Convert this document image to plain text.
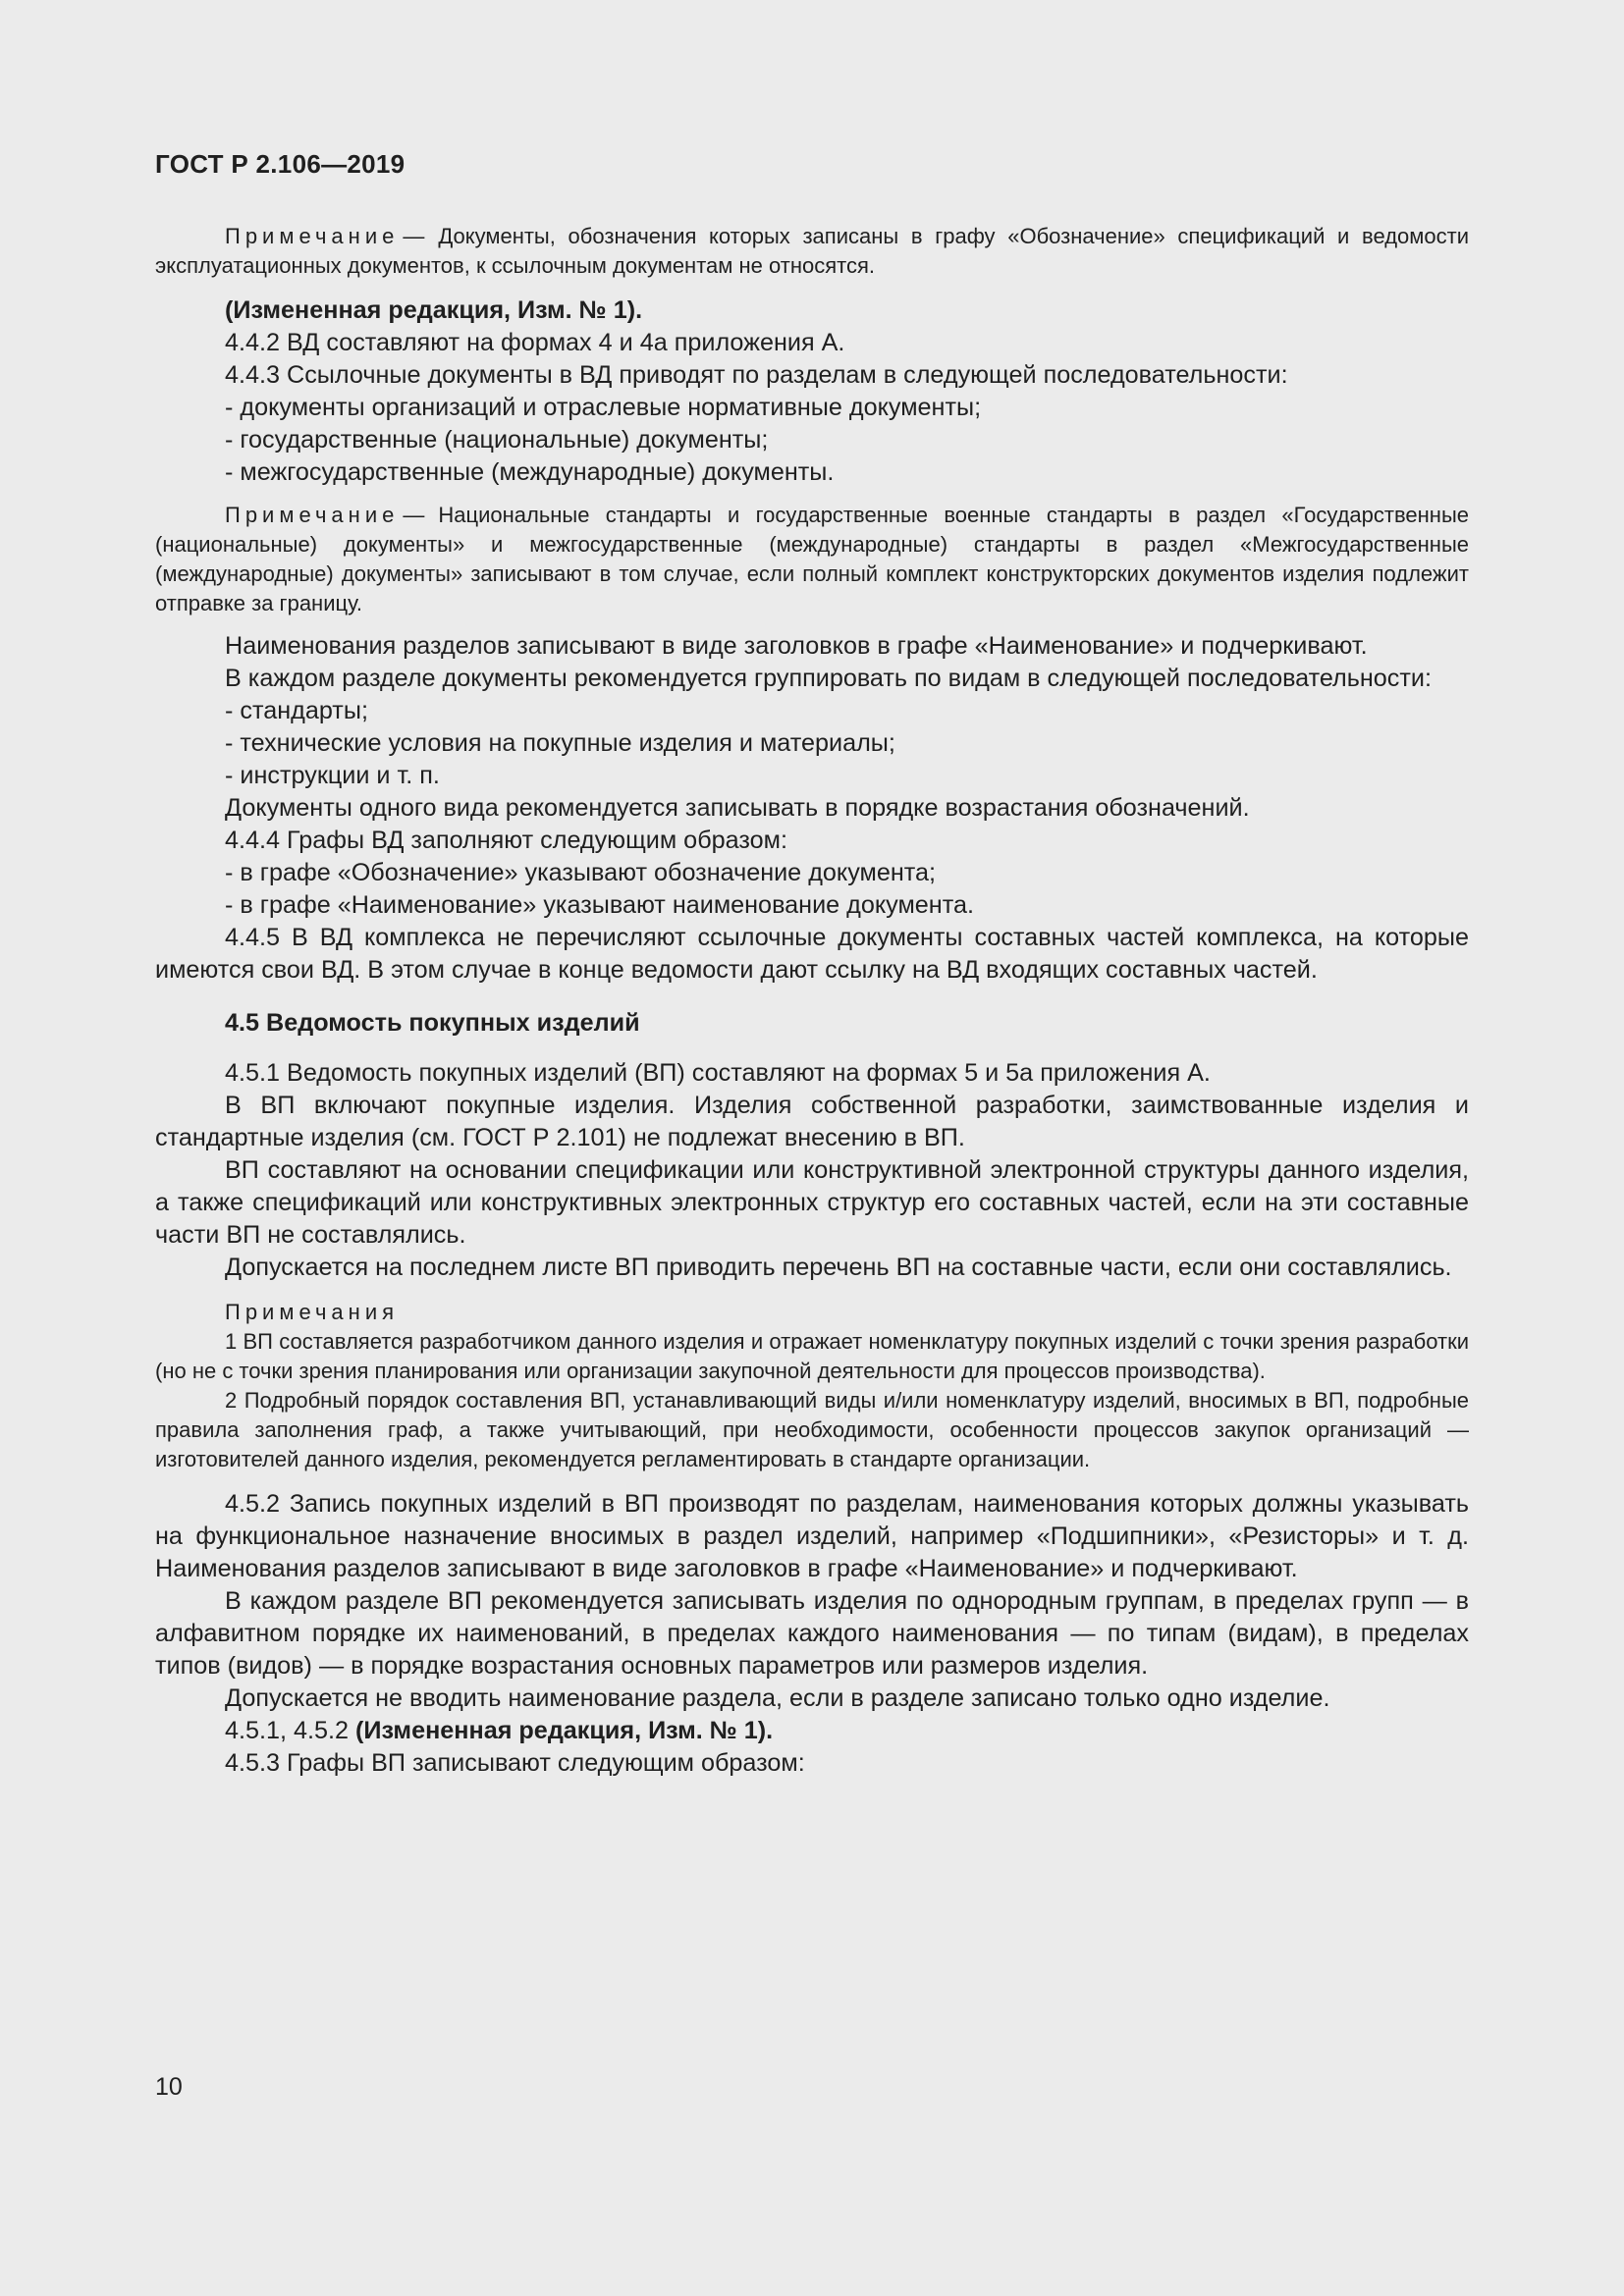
ГОСТ Р 2.106—2019

Примечание — Документы, обозначения которых записаны в графу «Обозначение» спецификаций и ведомости эксплуатационных документов, к ссылочным документам не относятся.

(Измененная редакция, Изм. № 1).

4.4.2 ВД составляют на формах 4 и 4а приложения А.

4.4.3 Ссылочные документы в ВД приводят по разделам в следующей последовательности:

- документы организаций и отраслевые нормативные документы;

- государственные (национальные) документы;

- межгосударственные (международные) документы.

Примечание — Национальные стандарты и государственные военные стандарты в раздел «Государственные (национальные) документы» и межгосударственные (международные) стандарты в раздел «Межгосударственные (международные) документы» записывают в том случае, если полный комплект конструкторских документов изделия подлежит отправке за границу.

Наименования разделов записывают в виде заголовков в графе «Наименование» и подчеркивают.

В каждом разделе документы рекомендуется группировать по видам в следующей последовательности:

- стандарты;

- технические условия на покупные изделия и материалы;

- инструкции и т. п.

Документы одного вида рекомендуется записывать в порядке возрастания обозначений.

4.4.4 Графы ВД заполняют следующим образом:

- в графе «Обозначение» указывают обозначение документа;

- в графе «Наименование» указывают наименование документа.

4.4.5 В ВД комплекса не перечисляют ссылочные документы составных частей комплекса, на которые имеются свои ВД. В этом случае в конце ведомости дают ссылку на ВД входящих составных частей.

4.5 Ведомость покупных изделий

4.5.1 Ведомость покупных изделий (ВП) составляют на формах 5 и 5а приложения А.

В ВП включают покупные изделия. Изделия собственной разработки, заимствованные изделия и стандартные изделия (см. ГОСТ Р 2.101) не подлежат внесению в ВП.

ВП составляют на основании спецификации или конструктивной электронной структуры данного изделия, а также спецификаций или конструктивных электронных структур его составных частей, если на эти составные части ВП не составлялись.

Допускается на последнем листе ВП приводить перечень ВП на составные части, если они составлялись.

Примечания

1 ВП составляется разработчиком данного изделия и отражает номенклатуру покупных изделий с точки зрения разработки (но не с точки зрения планирования или организации закупочной деятельности для процессов производства).

2 Подробный порядок составления ВП, устанавливающий виды и/или номенклатуру изделий, вносимых в ВП, подробные правила заполнения граф, а также учитывающий, при необходимости, особенности процессов закупок организаций — изготовителей данного изделия, рекомендуется регламентировать в стандарте организации.

4.5.2 Запись покупных изделий в ВП производят по разделам, наименования которых должны указывать на функциональное назначение вносимых в раздел изделий, например «Подшипники», «Резисторы» и т. д. Наименования разделов записывают в виде заголовков в графе «Наименование» и подчеркивают.

В каждом разделе ВП рекомендуется записывать изделия по однородным группам, в пределах групп — в алфавитном порядке их наименований, в пределах каждого наименования — по типам (видам), в пределах типов (видов) — в порядке возрастания основных параметров или размеров изделия.

Допускается не вводить наименование раздела, если в разделе записано только одно изделие.

4.5.1, 4.5.2 (Измененная редакция, Изм. № 1).

4.5.3 Графы ВП записывают следующим образом:

10
